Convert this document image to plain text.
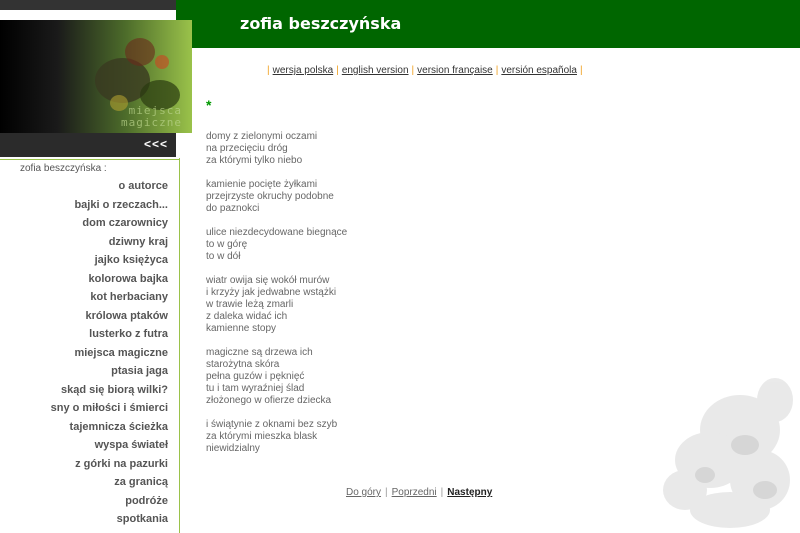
zofia beszczyńska
miejsca
magiczne
<<<
zofia beszczyńska :
o autorce
bajki o rzeczach...
dom czarownicy
dziwny kraj
jajko księżyca
kolorowa bajka
kot herbaciany
królowa ptaków
lusterko z futra
miejsca magiczne
ptasia jaga
skąd się biorą wilki?
sny o miłości i śmierci
tajemnicza ścieżka
wyspa świateł
z górki na pazurki
za granicą
podróże
spotkania
| wersja polska | english version | version française | versión española |
*
domy z zielonymi oczami
na przecięciu dróg
za którymi tylko niebo
kamienie pocięte żyłkami
przejrzyste okruchy podobne
do paznokci
ulice niezdecydowane biegnące
to w górę
to w dół
wiatr owija się wokół murów
i krzyży jak jedwabne wstążki
w trawie leżą zmarli
z daleka widać ich
kamienne stopy
magiczne są drzewa ich
starożytna skóra
pełna guzów i pęknięć
tu i tam wyraźniej ślad
złożonego w ofierze dziecka
i świątynie z oknami bez szyb
za którymi mieszka blask
niewidzialny
Do góry | Poprzedni | Następny
